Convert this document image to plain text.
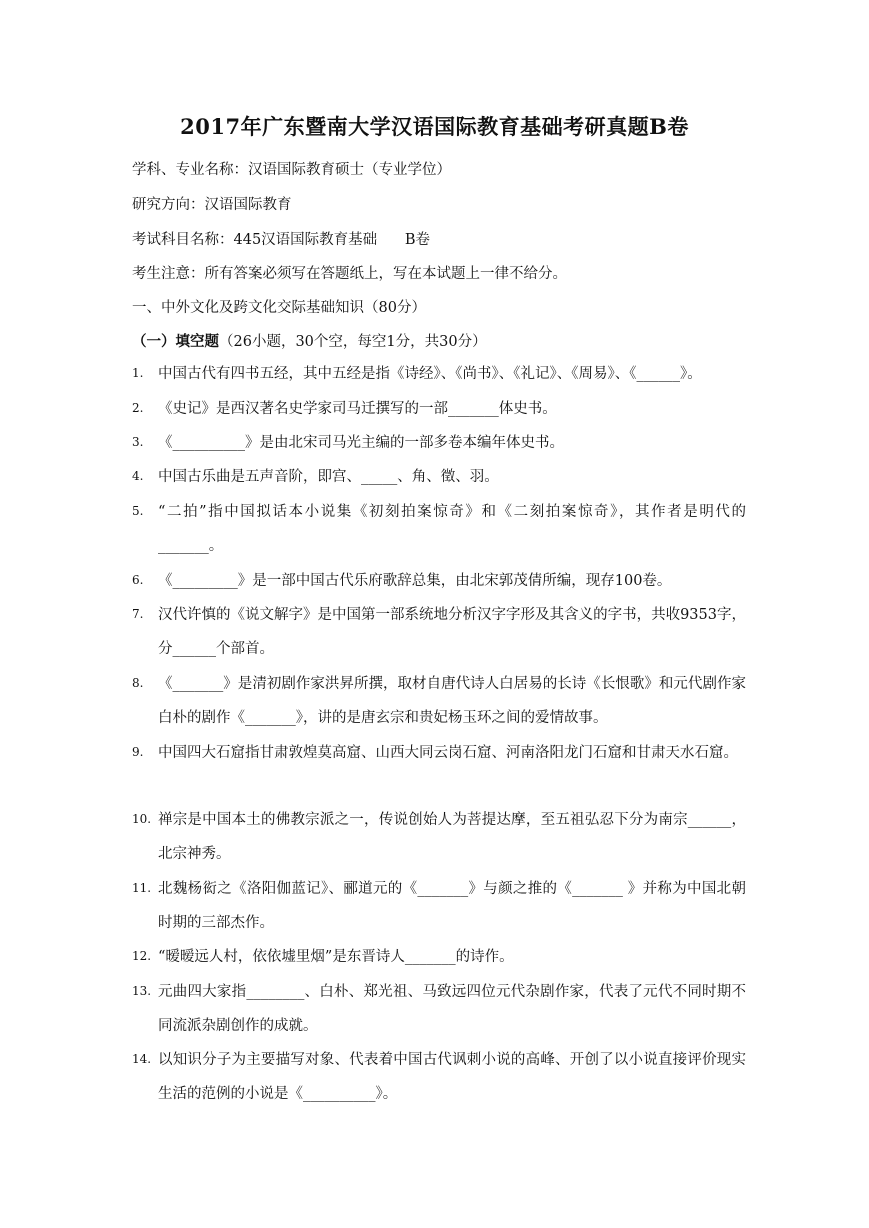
2017年广东暨南大学汉语国际教育基础考研真题B卷
学科、专业名称：汉语国际教育硕士（专业学位）
研究方向：汉语国际教育
考试科目名称：445汉语国际教育基础      B卷
考生注意：所有答案必须写在答题纸上，写在本试题上一律不给分。
一、中外文化及跨文化交际基础知识（80分）
（一）填空题（26小题，30个空，每空1分，共30分）
1. 中国古代有四书五经，其中五经是指《诗经》、《尚书》、《礼记》、《周易》、《______》。
2. 《史记》是西汉著名史学家司马迁撰写的一部_______体史书。
3. 《__________》是由北宋司马光主编的一部多卷本编年体史书。
4. 中国古乐曲是五声音阶，即宫、_____、角、徵、羽。
5. “二拍”指中国拟话本小说集《初刻拍案惊奇》和《二刻拍案惊奇》，其作者是明代的_______。
6. 《_________》是一部中国古代乐府歌辞总集，由北宋郭茂倩所编，现存100卷。
7. 汉代许慎的《说文解字》是中国第一部系统地分析汉字字形及其含义的字书，共收9353字，分______个部首。
8. 《_______》是清初剧作家洪昇所撰，取材自唐代诗人白居易的长诗《长恨歌》和元代剧作家白朴的剧作《_______》，讲的是唐玄宗和贵妃杨玉环之间的爱情故事。
9. 中国四大石窟指甘肃敦煌莫高窟、山西大同云岗石窟、河南洛阳龙门石窟和甘肃天水石窟。
10. 禅宗是中国本土的佛教宗派之一，传说创始人为菩提达摩，至五祖弘忍下分为南宗______，北宗神秀。
11. 北魏杨衒之《洛阳伽蓝记》、郦道元的《_______》与颜之推的《_______ 》并称为中国北朝时期的三部杰作。
12. “暧暧远人村，依依墟里烟”是东晋诗人_______的诗作。
13. 元曲四大家指________、白朴、郑光祖、马致远四位元代杂剧作家，代表了元代不同时期不同流派杂剧创作的成就。
14. 以知识分子为主要描写对象、代表着中国古代讽刺小说的高峰、开创了以小说直接评价现实生活的范例的小说是《__________》。
